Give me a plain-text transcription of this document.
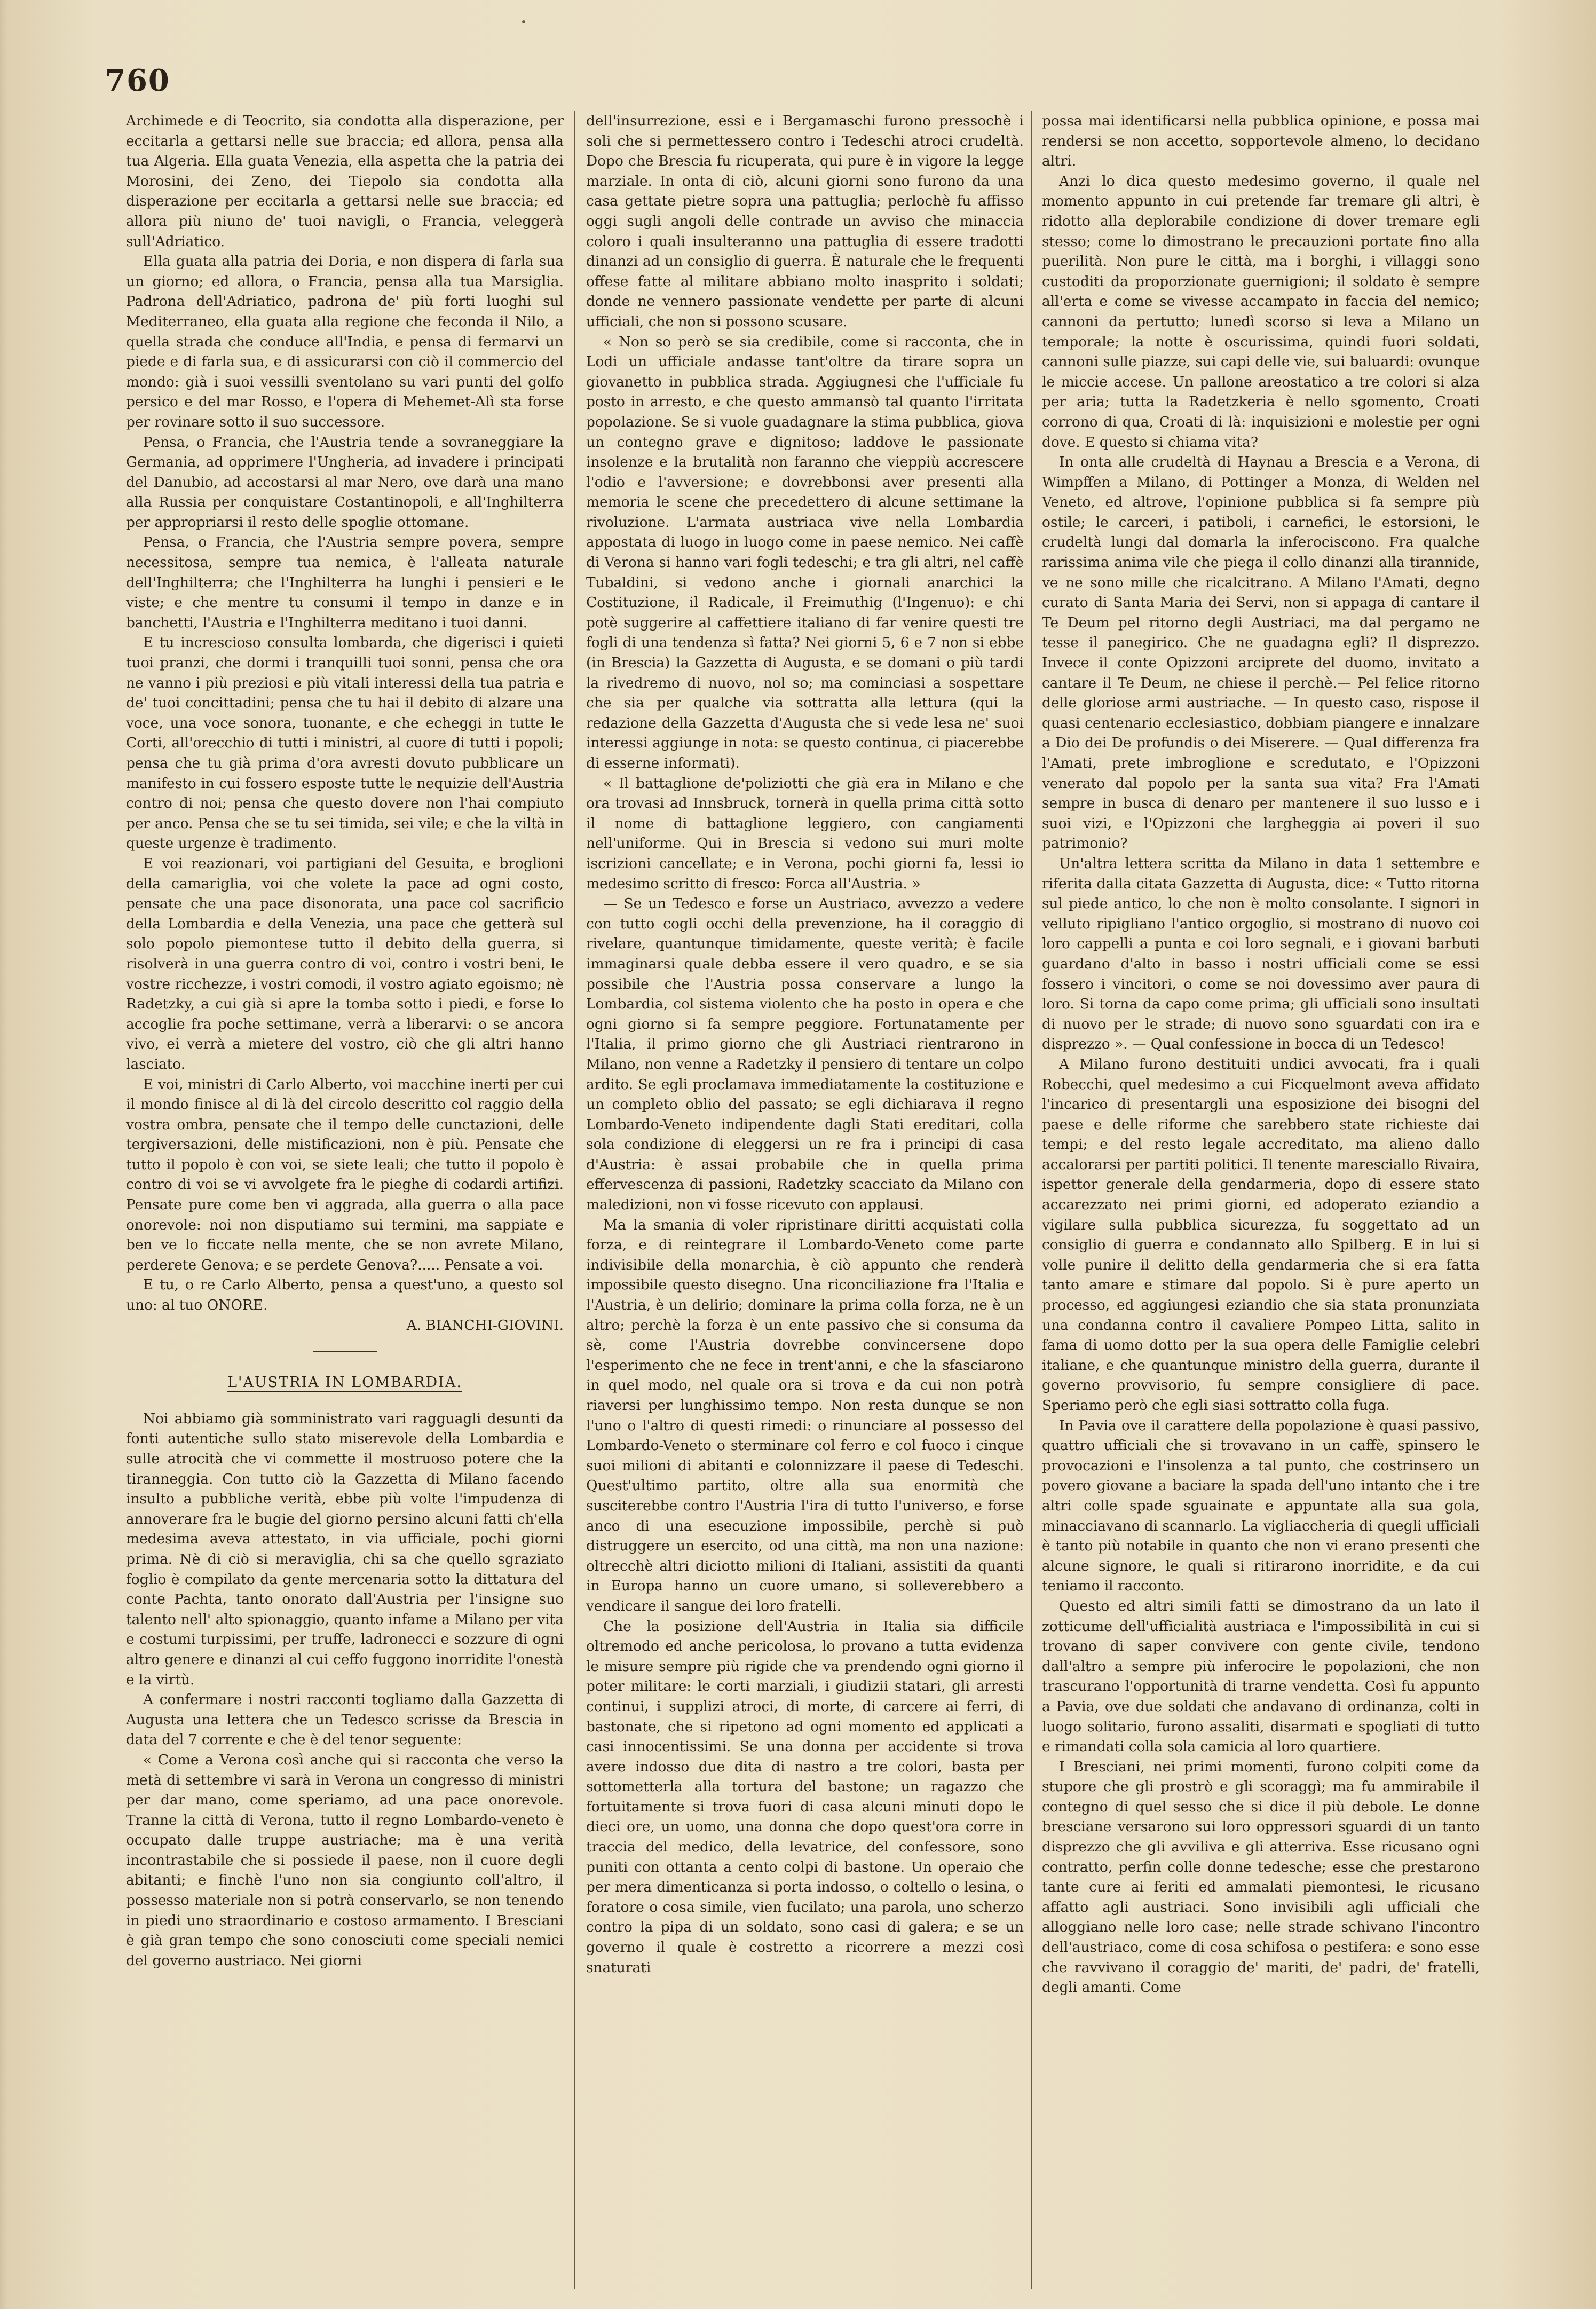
760

Archimede e di Teocrito, sia condotta alla disperazione, per eccitarla a gettarsi nelle sue braccia; ed allora, pensa alla tua Algeria. Ella guata Venezia, ella aspetta che la patria dei Morosini, dei Zeno, dei Tiepolo sia condotta alla disperazione per eccitarla a gettarsi nelle sue braccia; ed allora più niuno de' tuoi navigli, o Francia, veleggerà sull'Adriatico.

Ella guata alla patria dei Doria, e non dispera di farla sua un giorno; ed allora, o Francia, pensa alla tua Marsiglia. Padrona dell'Adriatico, padrona de' più forti luoghi sul Mediterraneo, ella guata alla regione che feconda il Nilo, a quella strada che conduce all'India, e pensa di fermarvi un piede e di farla sua, e di assicurarsi con ciò il commercio del mondo: già i suoi vessilli sventolano su vari punti del golfo persico e del mar Rosso, e l'opera di Mehemet-Alì sta forse per rovinare sotto il suo successore.

Pensa, o Francia, che l'Austria tende a sovraneggiare la Germania, ad opprimere l'Ungheria, ad invadere i principati del Danubio, ad accostarsi al mar Nero, ove darà una mano alla Russia per conquistare Costantinopoli, e all'Inghilterra per appropriarsi il resto delle spoglie ottomane.

Pensa, o Francia, che l'Austria sempre povera, sempre necessitosa, sempre tua nemica, è l'alleata naturale dell'Inghilterra; che l'Inghilterra ha lunghi i pensieri e le viste; e che mentre tu consumi il tempo in danze e in banchetti, l'Austria e l'Inghilterra meditano i tuoi danni.

E tu increscioso consulta lombarda, che digerisci i quieti tuoi pranzi, che dormi i tranquilli tuoi sonni, pensa che ora ne vanno i più preziosi e più vitali interessi della tua patria e de' tuoi concittadini; pensa che tu hai il debito di alzare una voce, una voce sonora, tuonante, e che echeggi in tutte le Corti, all'orecchio di tutti i ministri, al cuore di tutti i popoli; pensa che tu già prima d'ora avresti dovuto pubblicare un manifesto in cui fossero esposte tutte le nequizie dell'Austria contro di noi; pensa che questo dovere non l'hai compiuto per anco. Pensa che se tu sei timida, sei vile; e che la viltà in queste urgenze è tradimento.

E voi reazionari, voi partigiani del Gesuita, e broglioni della camariglia, voi che volete la pace ad ogni costo, pensate che una pace disonorata, una pace col sacrificio della Lombardia e della Venezia, una pace che getterà sul solo popolo piemontese tutto il debito della guerra, si risolverà in una guerra contro di voi, contro i vostri beni, le vostre ricchezze, i vostri comodi, il vostro agiato egoismo; nè Radetzky, a cui già si apre la tomba sotto i piedi, e forse lo accoglie fra poche settimane, verrà a liberarvi: o se ancora vivo, ei verrà a mietere del vostro, ciò che gli altri hanno lasciato.

E voi, ministri di Carlo Alberto, voi macchine inerti per cui il mondo finisce al di là del circolo descritto col raggio della vostra ombra, pensate che il tempo delle cunctazioni, delle tergiversazioni, delle mistificazioni, non è più. Pensate che tutto il popolo è con voi, se siete leali; che tutto il popolo è contro di voi se vi avvolgete fra le pieghe di codardi artifizi. Pensate pure come ben vi aggrada, alla guerra o alla pace onorevole: noi non disputiamo sui termini, ma sappiate e ben ve lo ficcate nella mente, che se non avrete Milano, perderete Genova; e se perdete Genova?..... Pensate a voi.

E tu, o re Carlo Alberto, pensa a quest'uno, a questo sol uno: al tuo ONORE.

A. BIANCHI-GIOVINI.

L'AUSTRIA IN LOMBARDIA.

Noi abbiamo già somministrato vari ragguagli desunti da fonti autentiche sullo stato miserevole della Lombardia e sulle atrocità che vi commette il mostruoso potere che la tiranneggia. Con tutto ciò la Gazzetta di Milano facendo insulto a pubbliche verità, ebbe più volte l'impudenza di annoverare fra le bugie del giorno persino alcuni fatti ch'ella medesima aveva attestato, in via ufficiale, pochi giorni prima. Nè di ciò si meraviglia, chi sa che quello sgraziato foglio è compilato da gente mercenaria sotto la dittatura del conte Pachta, tanto onorato dall'Austria per l'insigne suo talento nell' alto spionaggio, quanto infame a Milano per vita e costumi turpissimi, per truffe, ladronecci e sozzure di ogni altro genere e dinanzi al cui ceffo fuggono inorridite l'onestà e la virtù.

A confermare i nostri racconti togliamo dalla Gazzetta di Augusta una lettera che un Tedesco scrisse da Brescia in data del 7 corrente e che è del tenor seguente:

« Come a Verona così anche qui si racconta che verso la metà di settembre vi sarà in Verona un congresso di ministri per dar mano, come speriamo, ad una pace onorevole. Tranne la città di Verona, tutto il regno Lombardo-veneto è occupato dalle truppe austriache; ma è una verità incontrastabile che si possiede il paese, non il cuore degli abitanti; e finchè l'uno non sia congiunto coll'altro, il possesso materiale non si potrà conservarlo, se non tenendo in piedi uno straordinario e costoso armamento. I Bresciani è già gran tempo che sono conosciuti come speciali nemici del governo austriaco. Nei giorni

dell'insurrezione, essi e i Bergamaschi furono pressochè i soli che si permettessero contro i Tedeschi atroci crudeltà. Dopo che Brescia fu ricuperata, qui pure è in vigore la legge marziale. In onta di ciò, alcuni giorni sono furono da una casa gettate pietre sopra una pattuglia; perlochè fu affisso oggi sugli angoli delle contrade un avviso che minaccia coloro i quali insulteranno una pattuglia di essere tradotti dinanzi ad un consiglio di guerra. È naturale che le frequenti offese fatte al militare abbiano molto inasprito i soldati; donde ne vennero passionate vendette per parte di alcuni ufficiali, che non si possono scusare.

« Non so però se sia credibile, come si racconta, che in Lodi un ufficiale andasse tant'oltre da tirare sopra un giovanetto in pubblica strada. Aggiugnesi che l'ufficiale fu posto in arresto, e che questo ammansò tal quanto l'irritata popolazione. Se si vuole guadagnare la stima pubblica, giova un contegno grave e dignitoso; laddove le passionate insolenze e la brutalità non faranno che vieppiù accrescere l'odio e l'avversione; e dovrebbonsi aver presenti alla memoria le scene che precedettero di alcune settimane la rivoluzione. L'armata austriaca vive nella Lombardia appostata di luogo in luogo come in paese nemico. Nei caffè di Verona si hanno vari fogli tedeschi; e tra gli altri, nel caffè Tubaldini, si vedono anche i giornali anarchici la Costituzione, il Radicale, il Freimuthig (l'Ingenuo): e chi potè suggerire al caffettiere italiano di far venire questi tre fogli di una tendenza sì fatta? Nei giorni 5, 6 e 7 non si ebbe (in Brescia) la Gazzetta di Augusta, e se domani o più tardi la rivedremo di nuovo, nol so; ma cominciasi a sospettare che sia per qualche via sottratta alla lettura (qui la redazione della Gazzetta d'Augusta che si vede lesa ne' suoi interessi aggiunge in nota: se questo continua, ci piacerebbe di esserne informati).

« Il battaglione de'poliziotti che già era in Milano e che ora trovasi ad Innsbruck, tornerà in quella prima città sotto il nome di battaglione leggiero, con cangiamenti nell'uniforme. Qui in Brescia si vedono sui muri molte iscrizioni cancellate; e in Verona, pochi giorni fa, lessi io medesimo scritto di fresco: Forca all'Austria. »

— Se un Tedesco e forse un Austriaco, avvezzo a vedere con tutto cogli occhi della prevenzione, ha il coraggio di rivelare, quantunque timidamente, queste verità; è facile immaginarsi quale debba essere il vero quadro, e se sia possibile che l'Austria possa conservare a lungo la Lombardia, col sistema violento che ha posto in opera e che ogni giorno si fa sempre peggiore. Fortunatamente per l'Italia, il primo giorno che gli Austriaci rientrarono in Milano, non venne a Radetzky il pensiero di tentare un colpo ardito. Se egli proclamava immediatamente la costituzione e un completo oblio del passato; se egli dichiarava il regno Lombardo-Veneto indipendente dagli Stati ereditari, colla sola condizione di eleggersi un re fra i principi di casa d'Austria: è assai probabile che in quella prima effervescenza di passioni, Radetzky scacciato da Milano con maledizioni, non vi fosse ricevuto con applausi.

Ma la smania di voler ripristinare diritti acquistati colla forza, e di reintegrare il Lombardo-Veneto come parte indivisibile della monarchia, è ciò appunto che renderà impossibile questo disegno. Una riconciliazione fra l'Italia e l'Austria, è un delirio; dominare la prima colla forza, ne è un altro; perchè la forza è un ente passivo che si consuma da sè, come l'Austria dovrebbe convincersene dopo l'esperimento che ne fece in trent'anni, e che la sfasciarono in quel modo, nel quale ora si trova e da cui non potrà riaversi per lunghissimo tempo. Non resta dunque se non l'uno o l'altro di questi rimedi: o rinunciare al possesso del Lombardo-Veneto o sterminare col ferro e col fuoco i cinque suoi milioni di abitanti e colonnizzare il paese di Tedeschi. Quest'ultimo partito, oltre alla sua enormità che susciterebbe contro l'Austria l'ira di tutto l'universo, e forse anco di una esecuzione impossibile, perchè si può distruggere un esercito, od una città, ma non una nazione: oltrecchè altri diciotto milioni di Italiani, assistiti da quanti in Europa hanno un cuore umano, si solleverebbero a vendicare il sangue dei loro fratelli.

Che la posizione dell'Austria in Italia sia difficile oltremodo ed anche pericolosa, lo provano a tutta evidenza le misure sempre più rigide che va prendendo ogni giorno il poter militare: le corti marziali, i giudizii statari, gli arresti continui, i supplizi atroci, di morte, di carcere ai ferri, di bastonate, che si ripetono ad ogni momento ed applicati a casi innocentissimi. Se una donna per accidente si trova avere indosso due dita di nastro a tre colori, basta per sottometterla alla tortura del bastone; un ragazzo che fortuitamente si trova fuori di casa alcuni minuti dopo le dieci ore, un uomo, una donna che dopo quest'ora corre in traccia del medico, della levatrice, del confessore, sono puniti con ottanta a cento colpi di bastone. Un operaio che per mera dimenticanza si porta indosso, o coltello o lesina, o foratore o cosa simile, vien fucilato; una parola, uno scherzo contro la pipa di un soldato, sono casi di galera; e se un governo il quale è costretto a ricorrere a mezzi così snaturati

possa mai identificarsi nella pubblica opinione, e possa mai rendersi se non accetto, sopportevole almeno, lo decidano altri.

Anzi lo dica questo medesimo governo, il quale nel momento appunto in cui pretende far tremare gli altri, è ridotto alla deplorabile condizione di dover tremare egli stesso; come lo dimostrano le precauzioni portate fino alla puerilità. Non pure le città, ma i borghi, i villaggi sono custoditi da proporzionate guernigioni; il soldato è sempre all'erta e come se vivesse accampato in faccia del nemico; cannoni da pertutto; lunedì scorso si leva a Milano un temporale; la notte è oscurissima, quindi fuori soldati, cannoni sulle piazze, sui capi delle vie, sui baluardi: ovunque le miccie accese. Un pallone areostatico a tre colori si alza per aria; tutta la Radetzkeria è nello sgomento, Croati corrono di qua, Croati di là: inquisizioni e molestie per ogni dove. E questo si chiama vita?

In onta alle crudeltà di Haynau a Brescia e a Verona, di Wimpffen a Milano, di Pottinger a Monza, di Welden nel Veneto, ed altrove, l'opinione pubblica si fa sempre più ostile; le carceri, i patiboli, i carnefici, le estorsioni, le crudeltà lungi dal domarla la inferociscono. Fra qualche rarissima anima vile che piega il collo dinanzi alla tirannide, ve ne sono mille che ricalcitrano. A Milano l'Amati, degno curato di Santa Maria dei Servi, non si appaga di cantare il Te Deum pel ritorno degli Austriaci, ma dal pergamo ne tesse il panegirico. Che ne guadagna egli? Il disprezzo. Invece il conte Opizzoni arciprete del duomo, invitato a cantare il Te Deum, ne chiese il perchè.— Pel felice ritorno delle gloriose armi austriache. — In questo caso, rispose il quasi centenario ecclesiastico, dobbiam piangere e innalzare a Dio dei De profundis o dei Miserere. — Qual differenza fra l'Amati, prete imbroglione e scredutato, e l'Opizzoni venerato dal popolo per la santa sua vita? Fra l'Amati sempre in busca di denaro per mantenere il suo lusso e i suoi vizi, e l'Opizzoni che largheggia ai poveri il suo patrimonio?

Un'altra lettera scritta da Milano in data 1 settembre e riferita dalla citata Gazzetta di Augusta, dice: « Tutto ritorna sul piede antico, lo che non è molto consolante. I signori in velluto ripigliano l'antico orgoglio, si mostrano di nuovo coi loro cappelli a punta e coi loro segnali, e i giovani barbuti guardano d'alto in basso i nostri ufficiali come se essi fossero i vincitori, o come se noi dovessimo aver paura di loro. Si torna da capo come prima; gli ufficiali sono insultati di nuovo per le strade; di nuovo sono sguardati con ira e disprezzo ». — Qual confessione in bocca di un Tedesco!

A Milano furono destituiti undici avvocati, fra i quali Robecchi, quel medesimo a cui Ficquelmont aveva affidato l'incarico di presentargli una esposizione dei bisogni del paese e delle riforme che sarebbero state richieste dai tempi; e del resto legale accreditato, ma alieno dallo accalorarsi per partiti politici. Il tenente maresciallo Rivaira, ispettor generale della gendarmeria, dopo di essere stato accarezzato nei primi giorni, ed adoperato eziandio a vigilare sulla pubblica sicurezza, fu soggettato ad un consiglio di guerra e condannato allo Spilberg. E in lui si volle punire il delitto della gendarmeria che si era fatta tanto amare e stimare dal popolo. Si è pure aperto un processo, ed aggiungesi eziandio che sia stata pronunziata una condanna contro il cavaliere Pompeo Litta, salito in fama di uomo dotto per la sua opera delle Famiglie celebri italiane, e che quantunque ministro della guerra, durante il governo provvisorio, fu sempre consigliere di pace. Speriamo però che egli siasi sottratto colla fuga.

In Pavia ove il carattere della popolazione è quasi passivo, quattro ufficiali che si trovavano in un caffè, spinsero le provocazioni e l'insolenza a tal punto, che costrinsero un povero giovane a baciare la spada dell'uno intanto che i tre altri colle spade sguainate e appuntate alla sua gola, minacciavano di scannarlo. La vigliaccheria di quegli ufficiali è tanto più notabile in quanto che non vi erano presenti che alcune signore, le quali si ritirarono inorridite, e da cui teniamo il racconto.

Questo ed altri simili fatti se dimostrano da un lato il zotticume dell'ufficialità austriaca e l'impossibilità in cui si trovano di saper convivere con gente civile, tendono dall'altro a sempre più inferocire le popolazioni, che non trascurano l'opportunità di trarne vendetta. Così fu appunto a Pavia, ove due soldati che andavano di ordinanza, colti in luogo solitario, furono assaliti, disarmati e spogliati di tutto e rimandati colla sola camicia al loro quartiere.

I Bresciani, nei primi momenti, furono colpiti come da stupore che gli prostrò e gli scoraggì; ma fu ammirabile il contegno di quel sesso che si dice il più debole. Le donne bresciane versarono sui loro oppressori sguardi di un tanto disprezzo che gli avviliva e gli atterriva. Esse ricusano ogni contratto, perfin colle donne tedesche; esse che prestarono tante cure ai feriti ed ammalati piemontesi, le ricusano affatto agli austriaci. Sono invisibili agli ufficiali che alloggiano nelle loro case; nelle strade schivano l'incontro dell'austriaco, come di cosa schifosa o pestifera: e sono esse che ravvivano il coraggio de' mariti, de' padri, de' fratelli, degli amanti. Come
